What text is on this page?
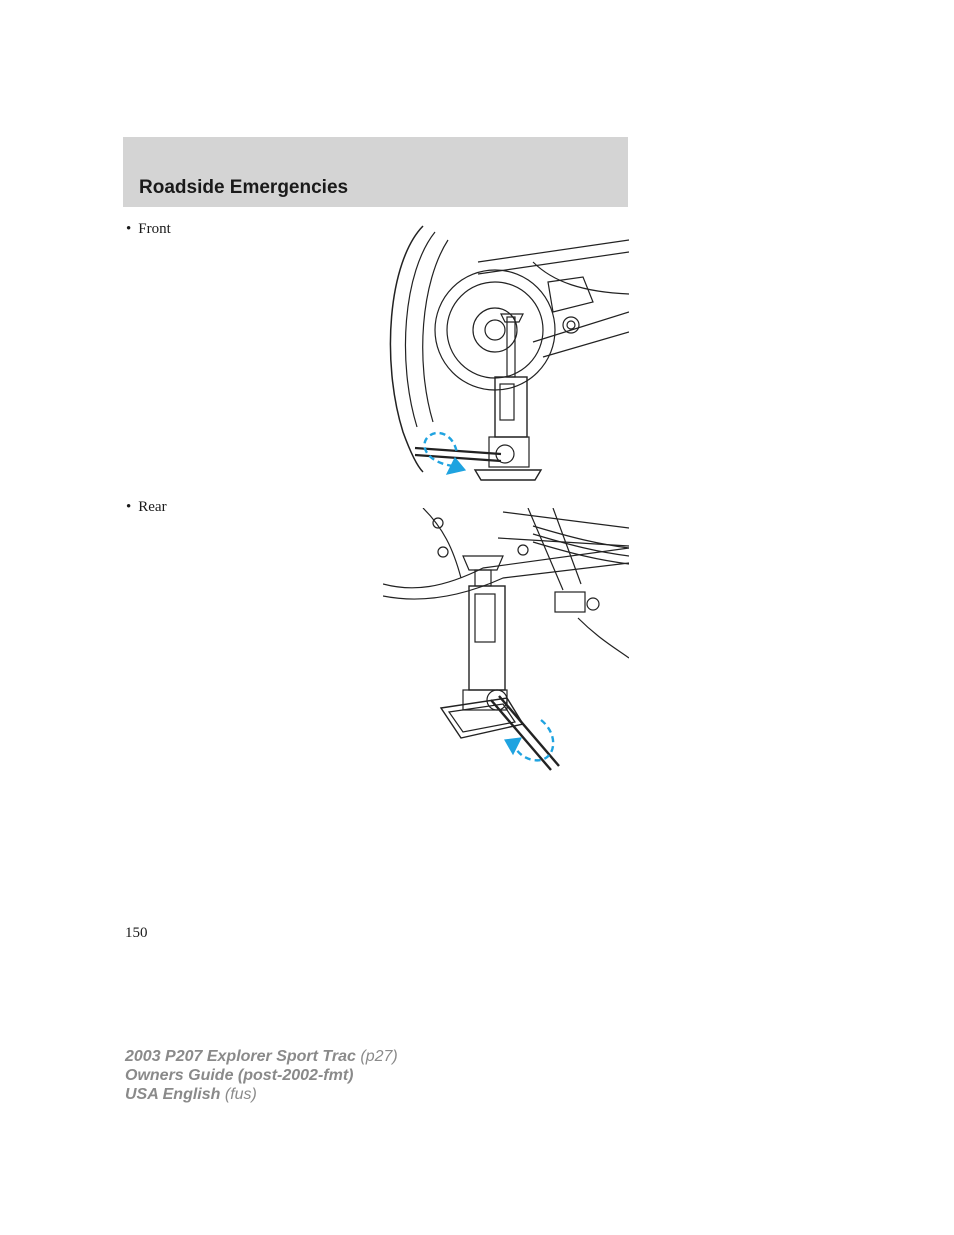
Roadside Emergencies
• Front
• Rear
150
2003 P207 Explorer Sport Trac (p27)
Owners Guide (post-2002-fmt)
USA English (fus)
